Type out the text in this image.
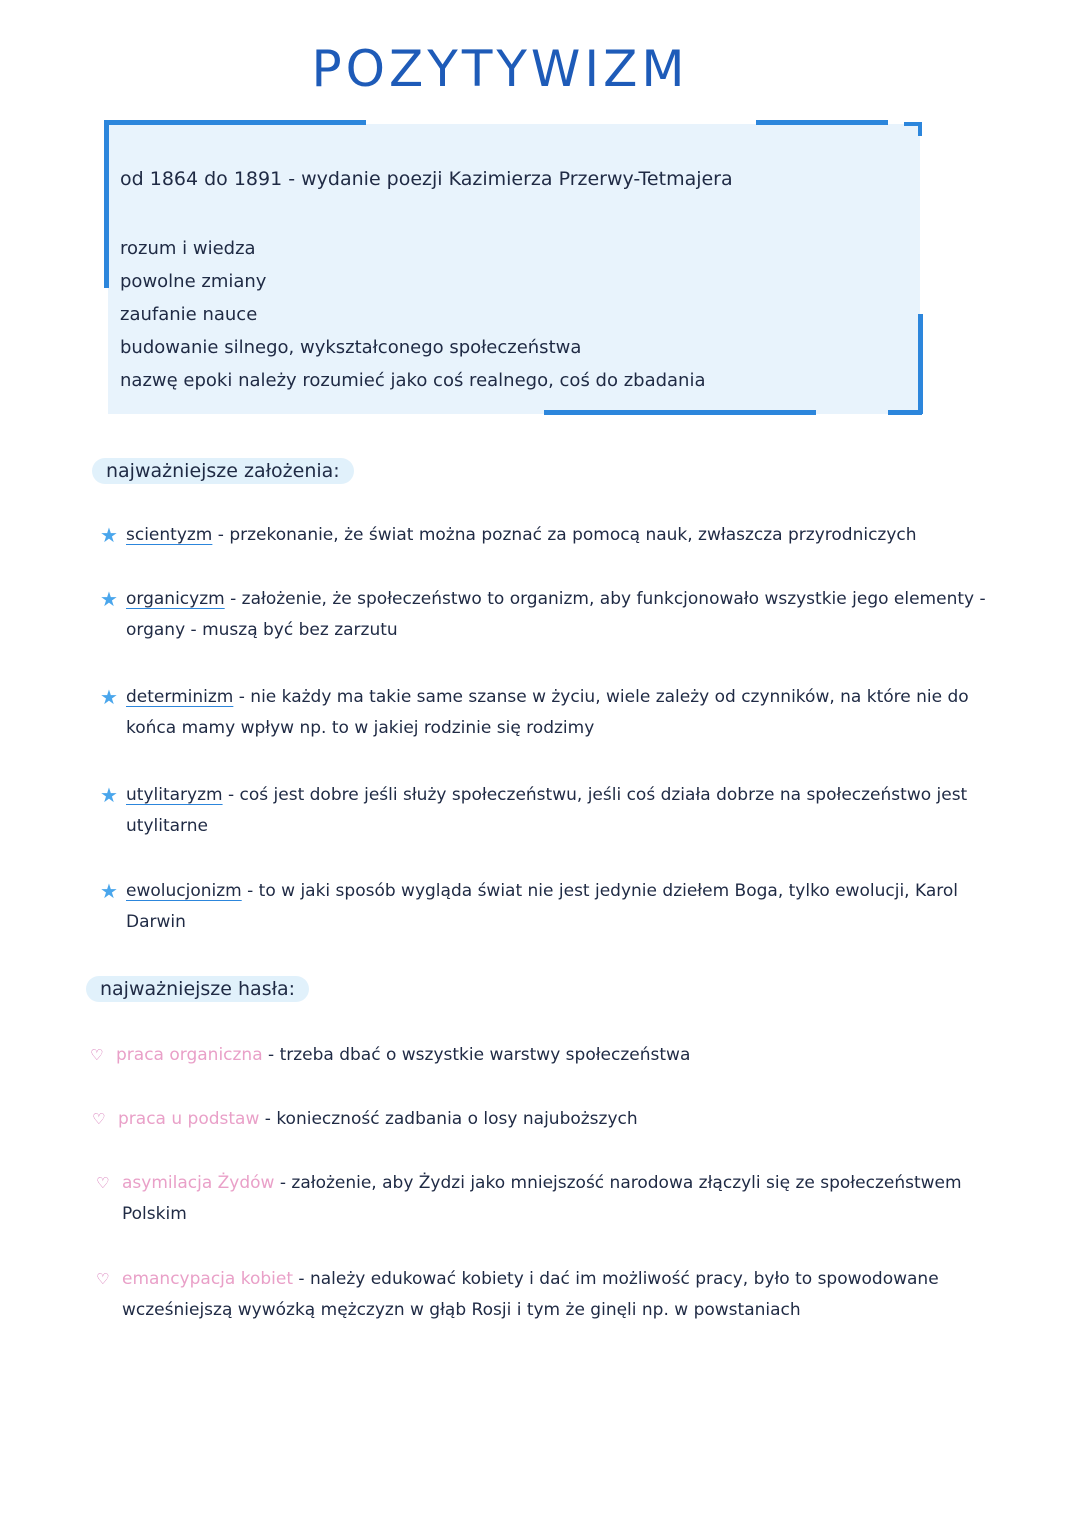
POZYTYWIZM
od 1864 do 1891 - wydanie poezji Kazimierza Przerwy-Tetmajera
rozum i wiedza
powolne zmiany
zaufanie nauce
budowanie silnego, wykształconego społeczeństwa
nazwę epoki należy rozumieć jako coś realnego, coś do zbadania
najważniejsze założenia:
★ scientyzm - przekonanie, że świat można poznać za pomocą nauk, zwłaszcza przyrodniczych
★ organicyzm - założenie, że społeczeństwo to organizm, aby funkcjonowało wszystkie jego elementy - organy - muszą być bez zarzutu
★ determinizm - nie każdy ma takie same szanse w życiu, wiele zależy od czynników, na które nie do końca mamy wpływ np. to w jakiej rodzinie się rodzimy
★ utylitaryzm - coś jest dobre jeśli służy społeczeństwu, jeśli coś działa dobrze na społeczeństwo jest utylitarne
★ ewolucjonizm - to w jaki sposób wygląda świat nie jest jedynie dziełem Boga, tylko ewolucji, Karol Darwin
najważniejsze hasła:
♡ praca organiczna - trzeba dbać o wszystkie warstwy społeczeństwa
♡ praca u podstaw - konieczność zadbania o losy najuboższych
♡ asymilacja Żydów - założenie, aby Żydzi jako mniejszość narodowa złączyli się ze społeczeństwem Polskim
♡ emancypacja kobiet - należy edukować kobiety i dać im możliwość pracy, było to spowodowane wcześniejszą wywózką mężczyzn w głąb Rosji i tym że ginęli np. w powstaniach
